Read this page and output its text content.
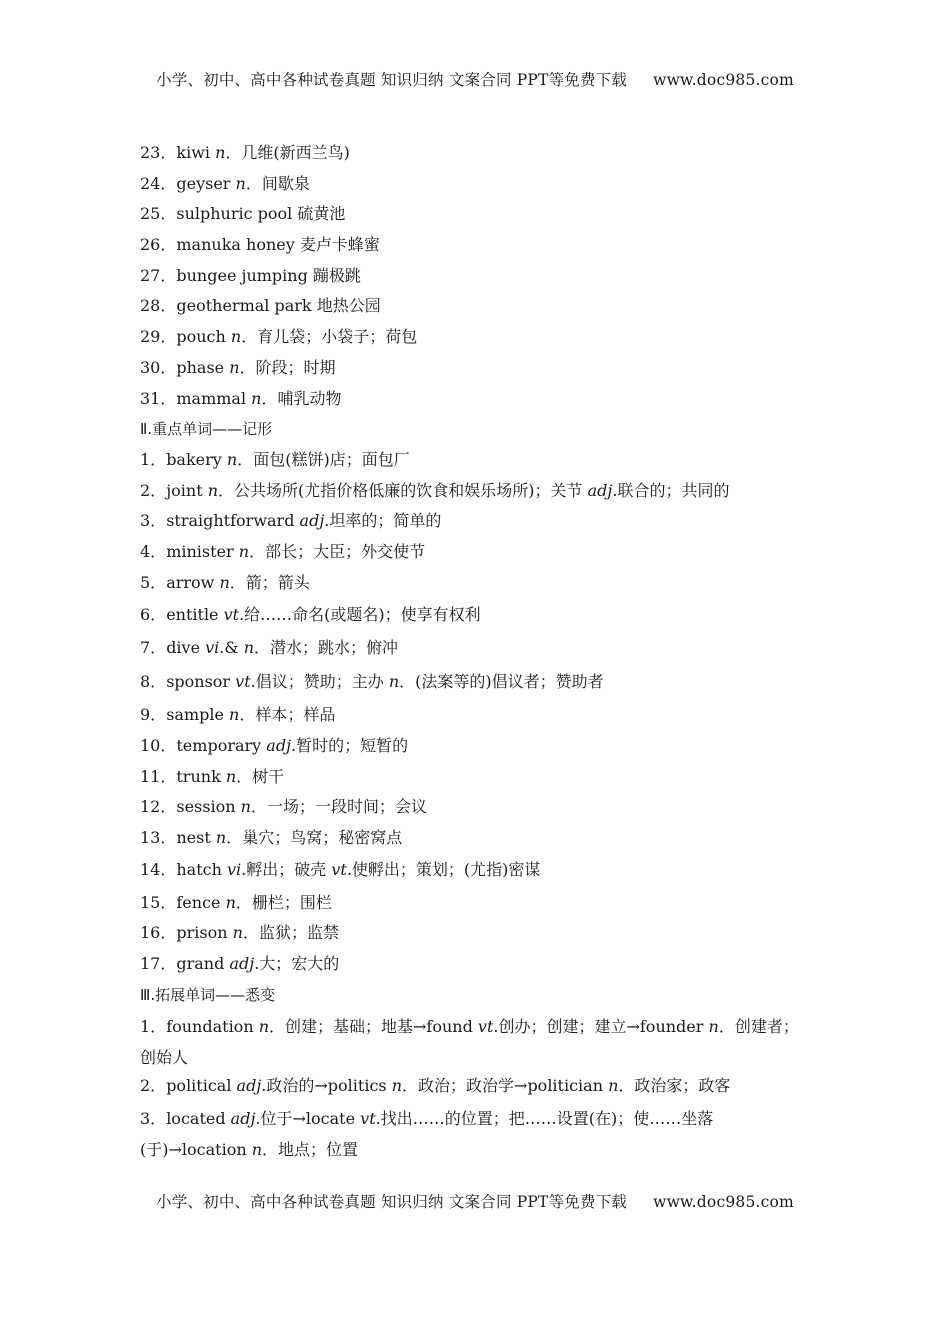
小学、初中、高中各种试卷真题 知识归纳 文案合同 PPT等免费下载 www.doc985.com
23．kiwi n．几维(新西兰鸟)
24．geyser n．间歇泉
25．sulphuric pool 硫黄池
26．manuka honey 麦卢卡蜂蜜
27．bungee jumping 蹦极跳
28．geothermal park 地热公园
29．pouch n．育儿袋；小袋子；荷包
30．phase n．阶段；时期
31．mammal n．哺乳动物
Ⅱ.重点单词——记形
1．bakery n．面包(糕饼)店；面包厂
2．joint n．公共场所(尤指价格低廉的饮食和娱乐场所)；关节 adj.联合的；共同的
3．straightforward adj.坦率的；简单的
4．minister n．部长；大臣；外交使节
5．arrow n．箭；箭头
6．entitle vt.给……命名(或题名)；使享有权利
7．dive vi.& n．潜水；跳水；俯冲
8．sponsor vt.倡议；赞助；主办 n．(法案等的)倡议者；赞助者
9．sample n．样本；样品
10．temporary adj.暂时的；短暂的
11．trunk n．树干
12．session n．一场；一段时间；会议
13．nest n．巢穴；鸟窝；秘密窝点
14．hatch vi.孵出；破壳 vt.使孵出；策划；(尤指)密谋
15．fence n．栅栏；围栏
16．prison n．监狱；监禁
17．grand adj.大；宏大的
Ⅲ.拓展单词——悉变
1．foundation n．创建；基础；地基→found vt.创办；创建；建立→founder n．创建者；创始人
2．political adj.政治的→politics n．政治；政治学→politician n．政治家；政客
3．located adj.位于→locate vt.找出……的位置；把……设置(在)；使……坐落(于)→location n．地点；位置
小学、初中、高中各种试卷真题 知识归纳 文案合同 PPT等免费下载 www.doc985.com
